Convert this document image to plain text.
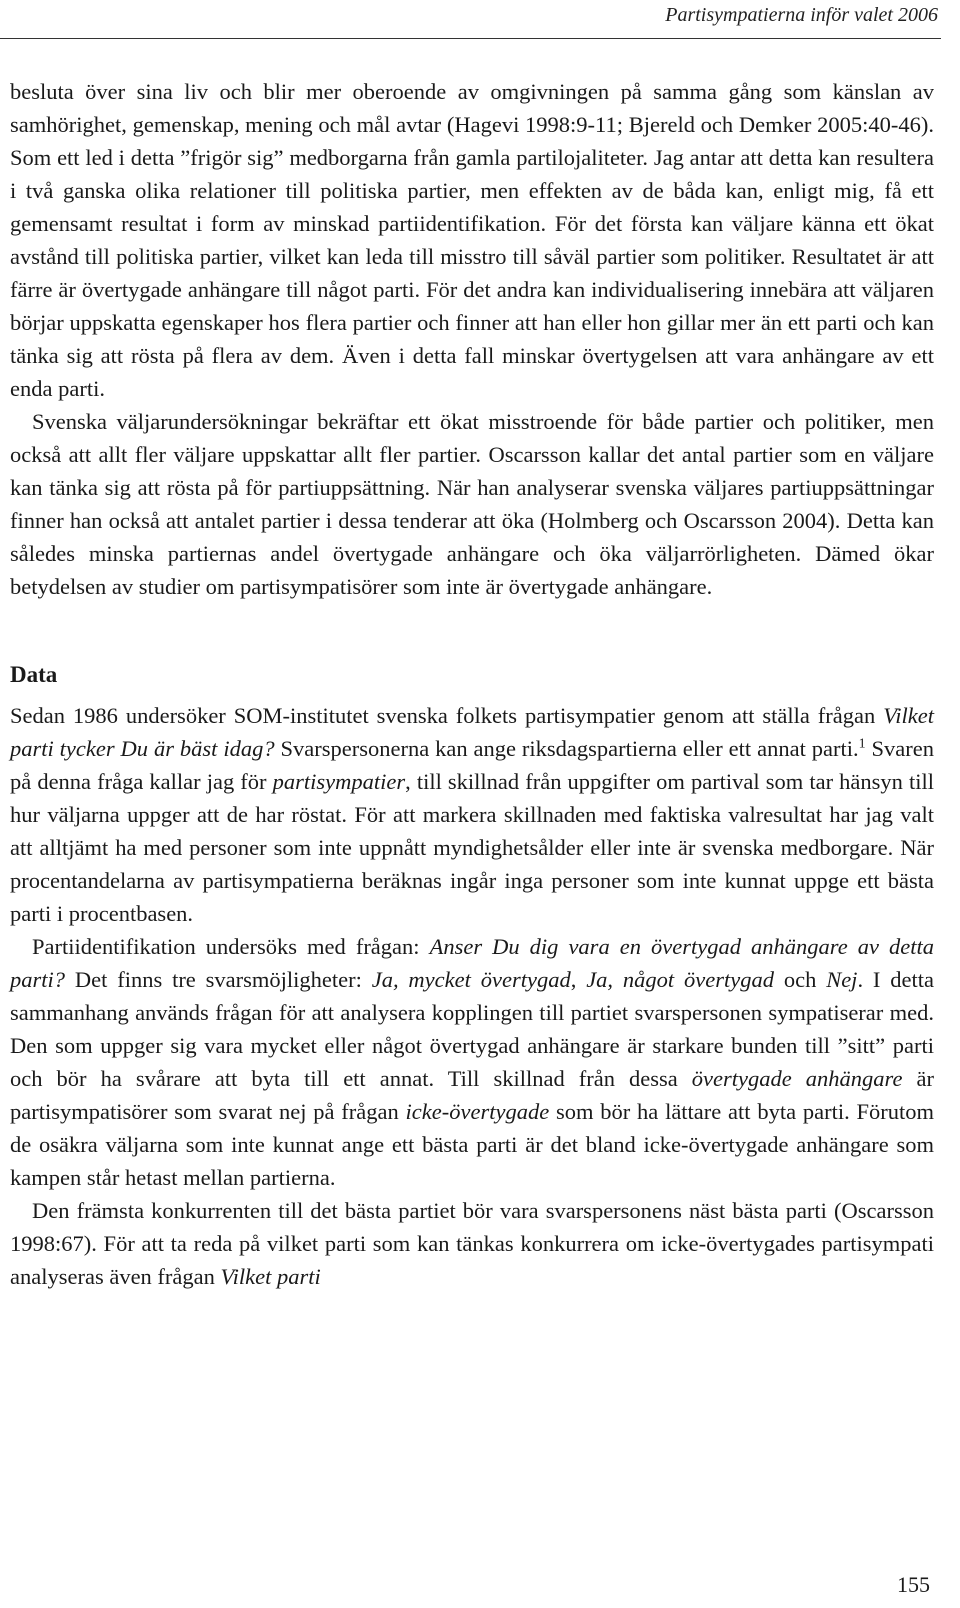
Partisympatierna inför valet 2006

besluta över sina liv och blir mer oberoende av omgivningen på samma gång som känslan av samhörighet, gemenskap, mening och mål avtar (Hagevi 1998:9-11; Bjereld och Demker 2005:40-46). Som ett led i detta ”frigör sig” medborgarna från gamla partilojaliteter. Jag antar att detta kan resultera i två ganska olika relationer till politiska partier, men effekten av de båda kan, enligt mig, få ett gemensamt resultat i form av minskad partiidentifikation. För det första kan väljare känna ett ökat avstånd till politiska partier, vilket kan leda till misstro till såväl partier som politiker. Resultatet är att färre är övertygade anhängare till något parti. För det andra kan individualisering innebära att väljaren börjar uppskatta egenskaper hos flera partier och finner att han eller hon gillar mer än ett parti och kan tänka sig att rösta på flera av dem. Även i detta fall minskar övertygelsen att vara anhängare av ett enda parti.

Svenska väljarundersökningar bekräftar ett ökat misstroende för både partier och politiker, men också att allt fler väljare uppskattar allt fler partier. Oscarsson kallar det antal partier som en väljare kan tänka sig att rösta på för partiuppsättning. När han analyserar svenska väljares partiuppsättningar finner han också att antalet partier i dessa tenderar att öka (Holmberg och Oscarsson 2004). Detta kan således minska partiernas andel övertygade anhängare och öka väljarrörligheten. Dämed ökar betydelsen av studier om partisympatisörer som inte är övertygade anhängare.

Data

Sedan 1986 undersöker SOM-institutet svenska folkets partisympatier genom att ställa frågan Vilket parti tycker Du är bäst idag? Svarspersonerna kan ange riksdagspartierna eller ett annat parti.$^1$ Svaren på denna fråga kallar jag för partisympatier, till skillnad från uppgifter om partival som tar hänsyn till hur väljarna uppger att de har röstat. För att markera skillnaden med faktiska valresultat har jag valt att alltjämt ha med personer som inte uppnått myndighetsålder eller inte är svenska medborgare. När procentandelarna av partisympatierna beräknas ingår inga personer som inte kunnat uppge ett bästa parti i procentbasen.

Partiidentifikation undersöks med frågan: Anser Du dig vara en övertygad anhängare av detta parti? Det finns tre svarsmöjligheter: Ja, mycket övertygad, Ja, något övertygad och Nej. I detta sammanhang används frågan för att analysera kopplingen till partiet svarspersonen sympatiserar med. Den som uppger sig vara mycket eller något övertygad anhängare är starkare bunden till ”sitt” parti och bör ha svårare att byta till ett annat. Till skillnad från dessa övertygade anhängare är partisympatisörer som svarat nej på frågan icke-övertygade som bör ha lättare att byta parti. Förutom de osäkra väljarna som inte kunnat ange ett bästa parti är det bland icke-övertygade anhängare som kampen står hetast mellan partierna.

Den främsta konkurrenten till det bästa partiet bör vara svarspersonens näst bästa parti (Oscarsson 1998:67). För att ta reda på vilket parti som kan tänkas konkurrera om icke-övertygades partisympati analyseras även frågan Vilket parti

155
